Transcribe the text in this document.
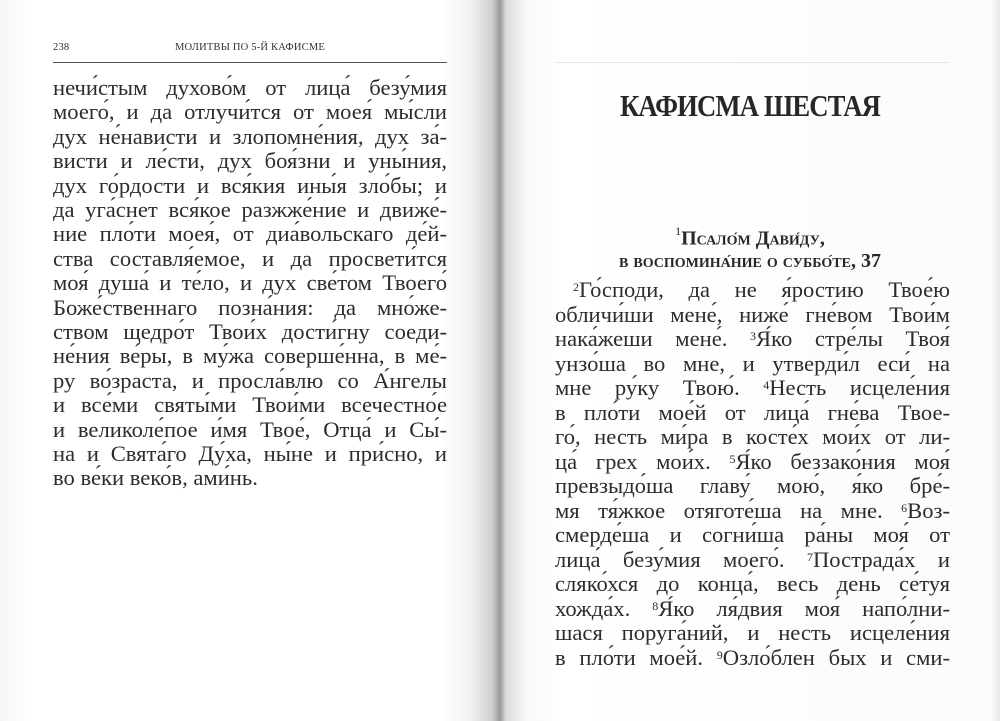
238	МОЛИТВЫ ПО 5-Й КАФИСМЕ
нечи́стым духово́м от лица́ безу́мия
моего́, и да отлучи́тся от моея́ мы́сли
дух не́нависти и злопомне́ния, дух за́-
висти и ле́сти, дух боя́зни и уны́ния,
дух го́рдости и вся́кия ины́я зло́бы; и
да уга́снет вся́кое разжже́ние и движе́-
ние пло́ти моея́, от диа́вольскаго де́й-
ства составля́емое, и да просвети́тся
моя́ душа́ и те́ло, и дух све́том Твоего́
Боже́ственнаго позна́ния: да мно́же-
ством щедро́т Твои́х дости́гну соеди-
не́ния ве́ры, в му́жа соверше́нна, в ме́-
ру во́зраста, и просла́влю со А́нгелы
и все́ми святы́ми Твои́ми всечестно́е
и великоле́пое и́мя Твое́, Отца́ и Сы́-
на и Свята́го Ду́ха, ны́не и при́сно, и
во ве́ки веко́в, ами́нь.
КАФИСМА ШЕСТАЯ
$^1$Псало́м Дави́ду,
в воспомина́ние о суббо́те, 37
$^2$Го́споди, да не я́ростию Твое́ю
обличи́ши мене́, ниже́ гне́вом Твои́м
нака́жеши мене́. $^3$Я́ко стре́лы Твоя́
унзо́ша во мне, и утверди́л еси́ на
мне ру́ку Твою́. $^4$Несть исцеле́ния
в пло́ти мое́й от лица́ гне́ва Твое-
го́, несть ми́ра в косте́х мои́х от ли-
ца́ грех мои́х. $^5$Я́ко беззако́ния моя́
превзыдо́ша главу́ мою́, я́ко бре́-
мя тя́жкое отяготе́ша на мне. $^6$Воз-
смерде́ша и согни́ша ра́ны моя́ от
лица́ безу́мия моего́. $^7$Пострада́х и
сляко́хся до конца́, весь день се́туя
хожда́х. $^8$Я́ко ля́двия моя́ напо́лни-
шася поруга́ний, и несть исцеле́ния
в пло́ти мое́й. $^9$Озло́блен бых и сми-
